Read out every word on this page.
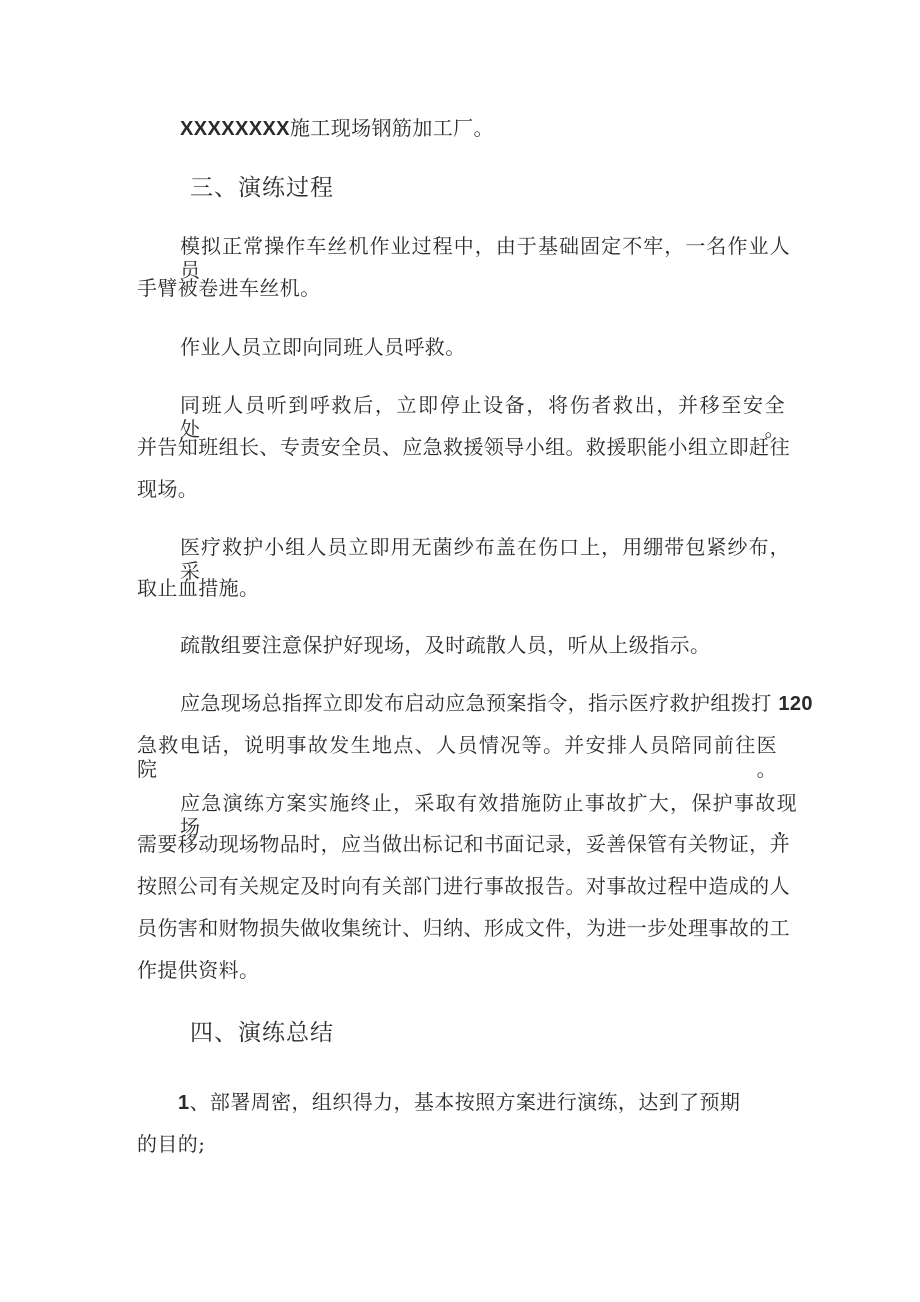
XXXXXXXX施工现场钢筋加工厂。
三、演练过程
模拟正常操作车丝机作业过程中，由于基础固定不牢，一名作业人员
手臂被卷进车丝机。
作业人员立即向同班人员呼救。
同班人员听到呼救后，立即停止设备，将伤者救出，并移至安全处。
并告知班组长、专责安全员、应急救援领导小组。救援职能小组立即赶往
现场。
医疗救护小组人员立即用无菌纱布盖在伤口上，用绷带包紧纱布，采
取止血措施。
疏散组要注意保护好现场，及时疏散人员，听从上级指示。
应急现场总指挥立即发布启动应急预案指令，指示医疗救护组拨打 120
急救电话，说明事故发生地点、人员情况等。并安排人员陪同前往医院。
应急演练方案实施终止，采取有效措施防止事故扩大，保护事故现场，
需要移动现场物品时，应当做出标记和书面记录，妥善保管有关物证，并
按照公司有关规定及时向有关部门进行事故报告。对事故过程中造成的人
员伤害和财物损失做收集统计、归纳、形成文件，为进一步处理事故的工
作提供资料。
四、演练总结
1、部署周密，组织得力，基本按照方案进行演练，达到了预期
的目的;
